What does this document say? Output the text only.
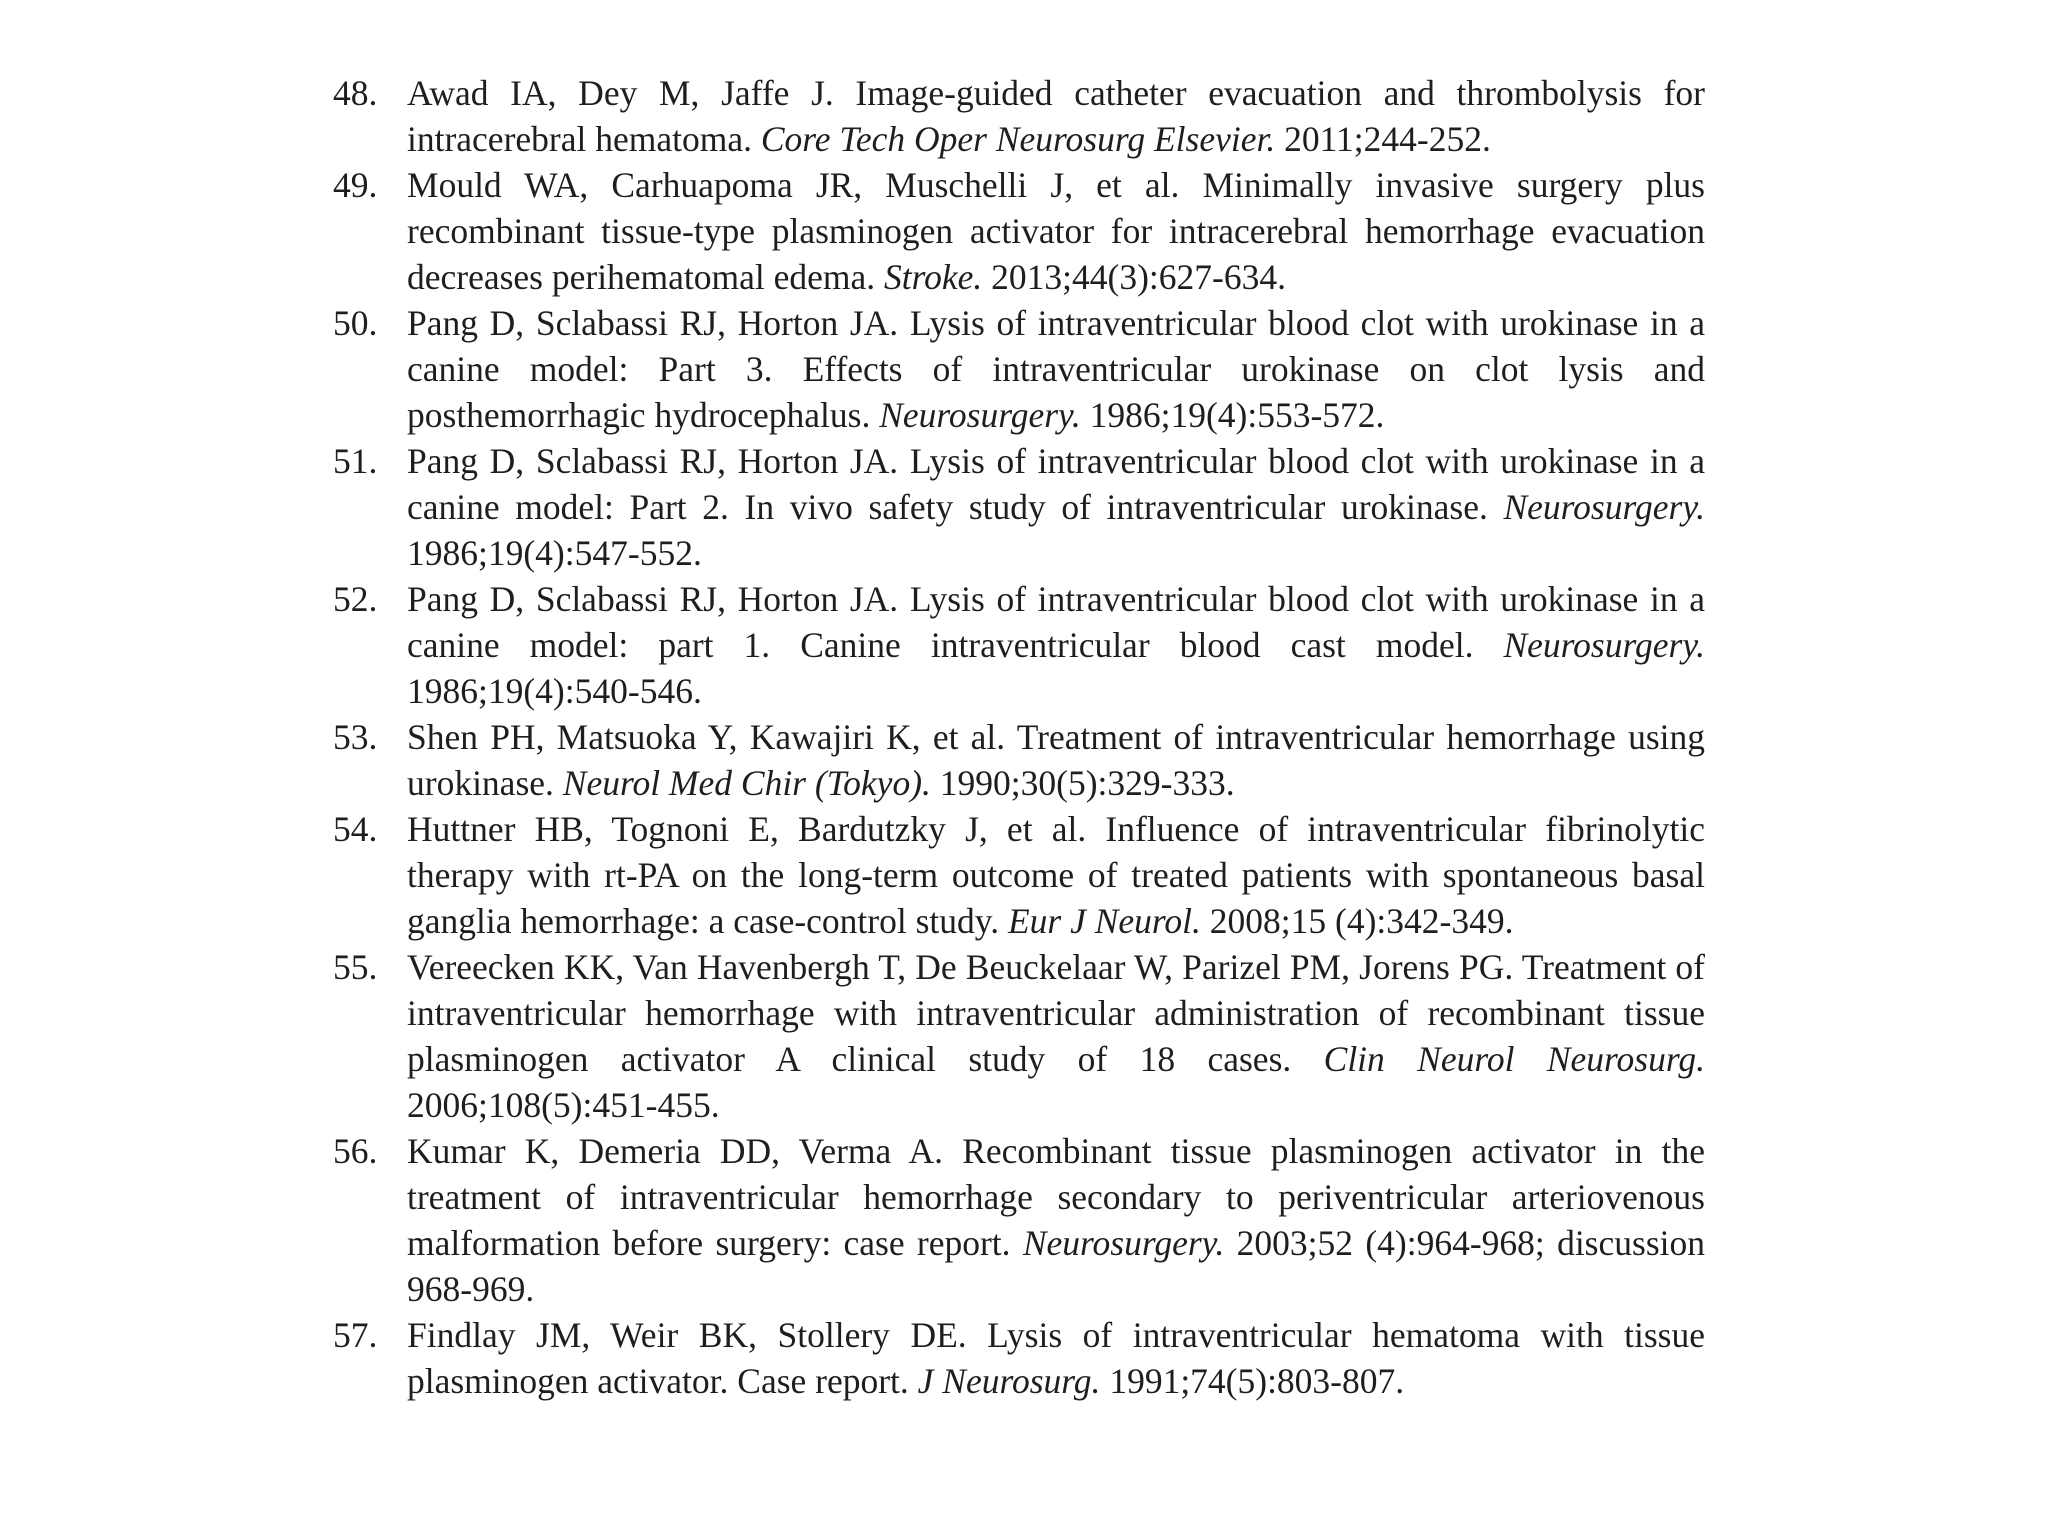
48. Awad IA, Dey M, Jaffe J. Image-guided catheter evacuation and thrombolysis for intracerebral hematoma. Core Tech Oper Neurosurg Elsevier. 2011;244-252.
49. Mould WA, Carhuapoma JR, Muschelli J, et al. Minimally invasive surgery plus recombinant tissue-type plasminogen activator for intracerebral hemorrhage evacuation decreases perihematomal edema. Stroke. 2013;44(3):627-634.
50. Pang D, Sclabassi RJ, Horton JA. Lysis of intraventricular blood clot with urokinase in a canine model: Part 3. Effects of intraventricular urokinase on clot lysis and posthemorrhagic hydrocephalus. Neurosurgery. 1986;19(4):553-572.
51. Pang D, Sclabassi RJ, Horton JA. Lysis of intraventricular blood clot with urokinase in a canine model: Part 2. In vivo safety study of intraventricular urokinase. Neurosurgery. 1986;19(4):547-552.
52. Pang D, Sclabassi RJ, Horton JA. Lysis of intraventricular blood clot with urokinase in a canine model: part 1. Canine intraventricular blood cast model. Neurosurgery. 1986;19(4):540-546.
53. Shen PH, Matsuoka Y, Kawajiri K, et al. Treatment of intraventricular hemorrhage using urokinase. Neurol Med Chir (Tokyo). 1990;30(5):329-333.
54. Huttner HB, Tognoni E, Bardutzky J, et al. Influence of intraventricular fibrinolytic therapy with rt-PA on the long-term outcome of treated patients with spontaneous basal ganglia hemorrhage: a case-control study. Eur J Neurol. 2008;15 (4):342-349.
55. Vereecken KK, Van Havenbergh T, De Beuckelaar W, Parizel PM, Jorens PG. Treatment of intraventricular hemorrhage with intraventricular administration of recombinant tissue plasminogen activator A clinical study of 18 cases. Clin Neurol Neurosurg. 2006;108(5):451-455.
56. Kumar K, Demeria DD, Verma A. Recombinant tissue plasminogen activator in the treatment of intraventricular hemorrhage secondary to periventricular arteriovenous malformation before surgery: case report. Neurosurgery. 2003;52 (4):964-968; discussion 968-969.
57. Findlay JM, Weir BK, Stollery DE. Lysis of intraventricular hematoma with tissue plasminogen activator. Case report. J Neurosurg. 1991;74(5):803-807.
